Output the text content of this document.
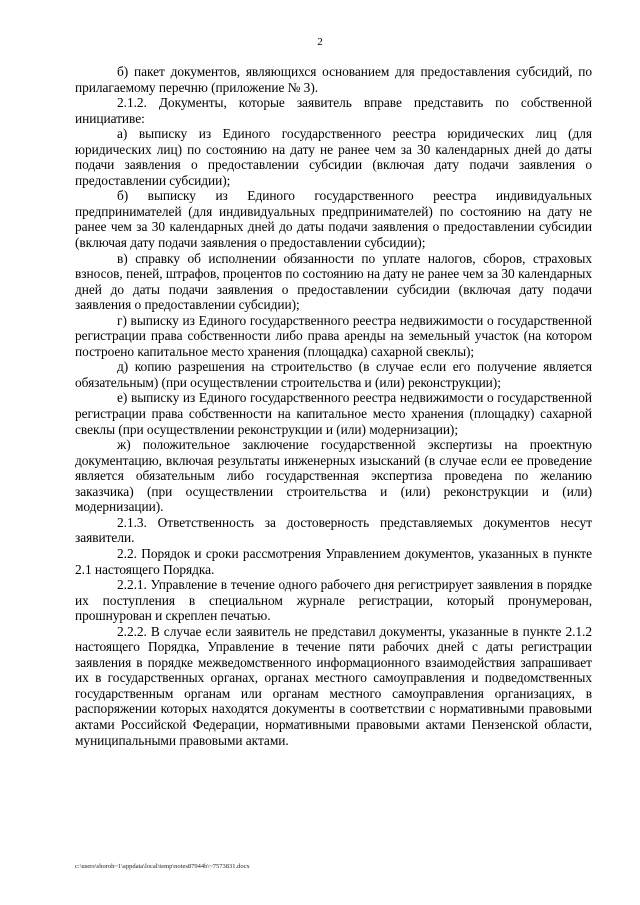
2

б) пакет документов, являющихся основанием для предоставления субсидий, по прилагаемому перечню (приложение № 3).

2.1.2. Документы, которые заявитель вправе представить по собственной инициативе:

а) выписку из Единого государственного реестра юридических лиц (для юридических лиц) по состоянию на дату не ранее чем за 30 календарных дней до даты подачи заявления о предоставлении субсидии (включая дату подачи заявления о предоставлении субсидии);

б) выписку из Единого государственного реестра индивидуальных предпринимателей (для индивидуальных предпринимателей) по состоянию на дату не ранее чем за 30 календарных дней до даты подачи заявления о предоставлении субсидии (включая дату подачи заявления о предоставлении субсидии);

в) справку об исполнении обязанности по уплате налогов, сборов, страховых взносов, пеней, штрафов, процентов по состоянию на дату не ранее чем за 30 календарных дней до даты подачи заявления о предоставлении субсидии (включая дату подачи заявления о предоставлении субсидии);

г) выписку из Единого государственного реестра недвижимости о государственной регистрации права собственности либо права аренды на земельный участок (на котором построено капитальное место хранения (площадка) сахарной свеклы);

д) копию разрешения на строительство (в случае если его получение является обязательным) (при осуществлении строительства и (или) реконструкции);

е) выписку из Единого государственного реестра недвижимости о государственной регистрации права собственности на капитальное место хранения (площадку) сахарной свеклы (при осуществлении реконструкции и (или) модернизации);

ж) положительное заключение государственной экспертизы на проектную документацию, включая результаты инженерных изысканий (в случае если ее проведение является обязательным либо государственная экспертиза проведена по желанию заказчика) (при осуществлении строительства и (или) реконструкции и (или) модернизации).

2.1.3. Ответственность за достоверность представляемых документов несут заявители.

2.2. Порядок и сроки рассмотрения Управлением документов, указанных в пункте 2.1 настоящего Порядка.

2.2.1. Управление в течение одного рабочего дня регистрирует заявления в порядке их поступления в специальном журнале регистрации, который пронумерован, прошнурован и скреплен печатью.

2.2.2. В случае если заявитель не представил документы, указанные в пункте 2.1.2 настоящего Порядка, Управление в течение пяти рабочих дней с даты регистрации заявления в порядке межведомственного информационного взаимодействия запрашивает их в государственных органах, органах местного самоуправления и подведомственных государственным органам или органам местного самоуправления организациях, в распоряжении которых находятся документы в соответствии с нормативными правовыми актами Российской Федерации, нормативными правовыми актами Пензенской области, муниципальными правовыми актами.

c:\users\shoroh~1\appdata\local\temp\notes87944b\~7573831.docx
